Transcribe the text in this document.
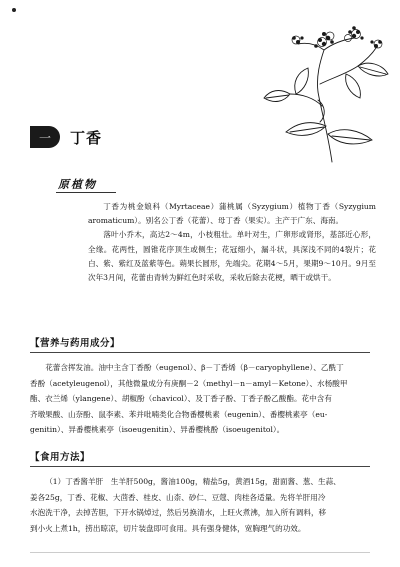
一	丁香
原植物

丁香为桃金娘科（Myrtaceae）蒲桃属（Syzygium）植物丁香（Syzygium aromaticum）。别名公丁香（花蕾）、母丁香（果实）。主产于广东、海南。

落叶小乔木，高达2～4m，小枝粗壮。单叶对生，广卵形或肾形，基部近心形，全缘。花两性，圆锥花序顶生或侧生；花冠细小，漏斗状，具深浅不同的4裂片；花白、紫、紫红及蓝紫等色。蒴果长圆形，先端尖。花期4～5月，果期9～10月。9月至次年3月间，花蕾由青转为鲜红色时采收，采收后除去花梗，晒干或烘干。

【营养与药用成分】

花蕾含挥发油。油中主含丁香酚（eugenol）、β－丁香烯（β－caryophyllene）、乙酰丁

香酚（acetyleugenol），其他微量成分有庚酮－2（methyl－n－amyl－Ketone）、水杨酸甲
酯、衣兰烯（ylangene）、胡椒酚（chavicol）、及丁香子酚、丁香子酚乙酸酯。花中含有
齐墩果酸、山奈酚、鼠李素、苯并吡喃类化合物番樱桃素（eugenin）、番樱桃素亭（eu-
genitin）、异番樱桃素亭（isoeugenitin）、异番樱桃酚（isoeugenitol）。
【食用方法】

（1）丁香酱羊肝　生羊肝500g，酱油100g，精盐5g，黄酒15g，甜面酱、葱、生蒜、

姜各25g，丁香、花椒、大茴香、桂皮、山柰、砂仁、豆蔻、肉桂各适量。先将羊肝用冷
水泡洗干净，去掉苦胆，下开水锅焯过，然后另换清水，上旺火煮沸，加入所有调料，移
到小火上煮1h，捞出晾凉，切片装盘即可食用。具有强身健体，宽胸理气的功效。
